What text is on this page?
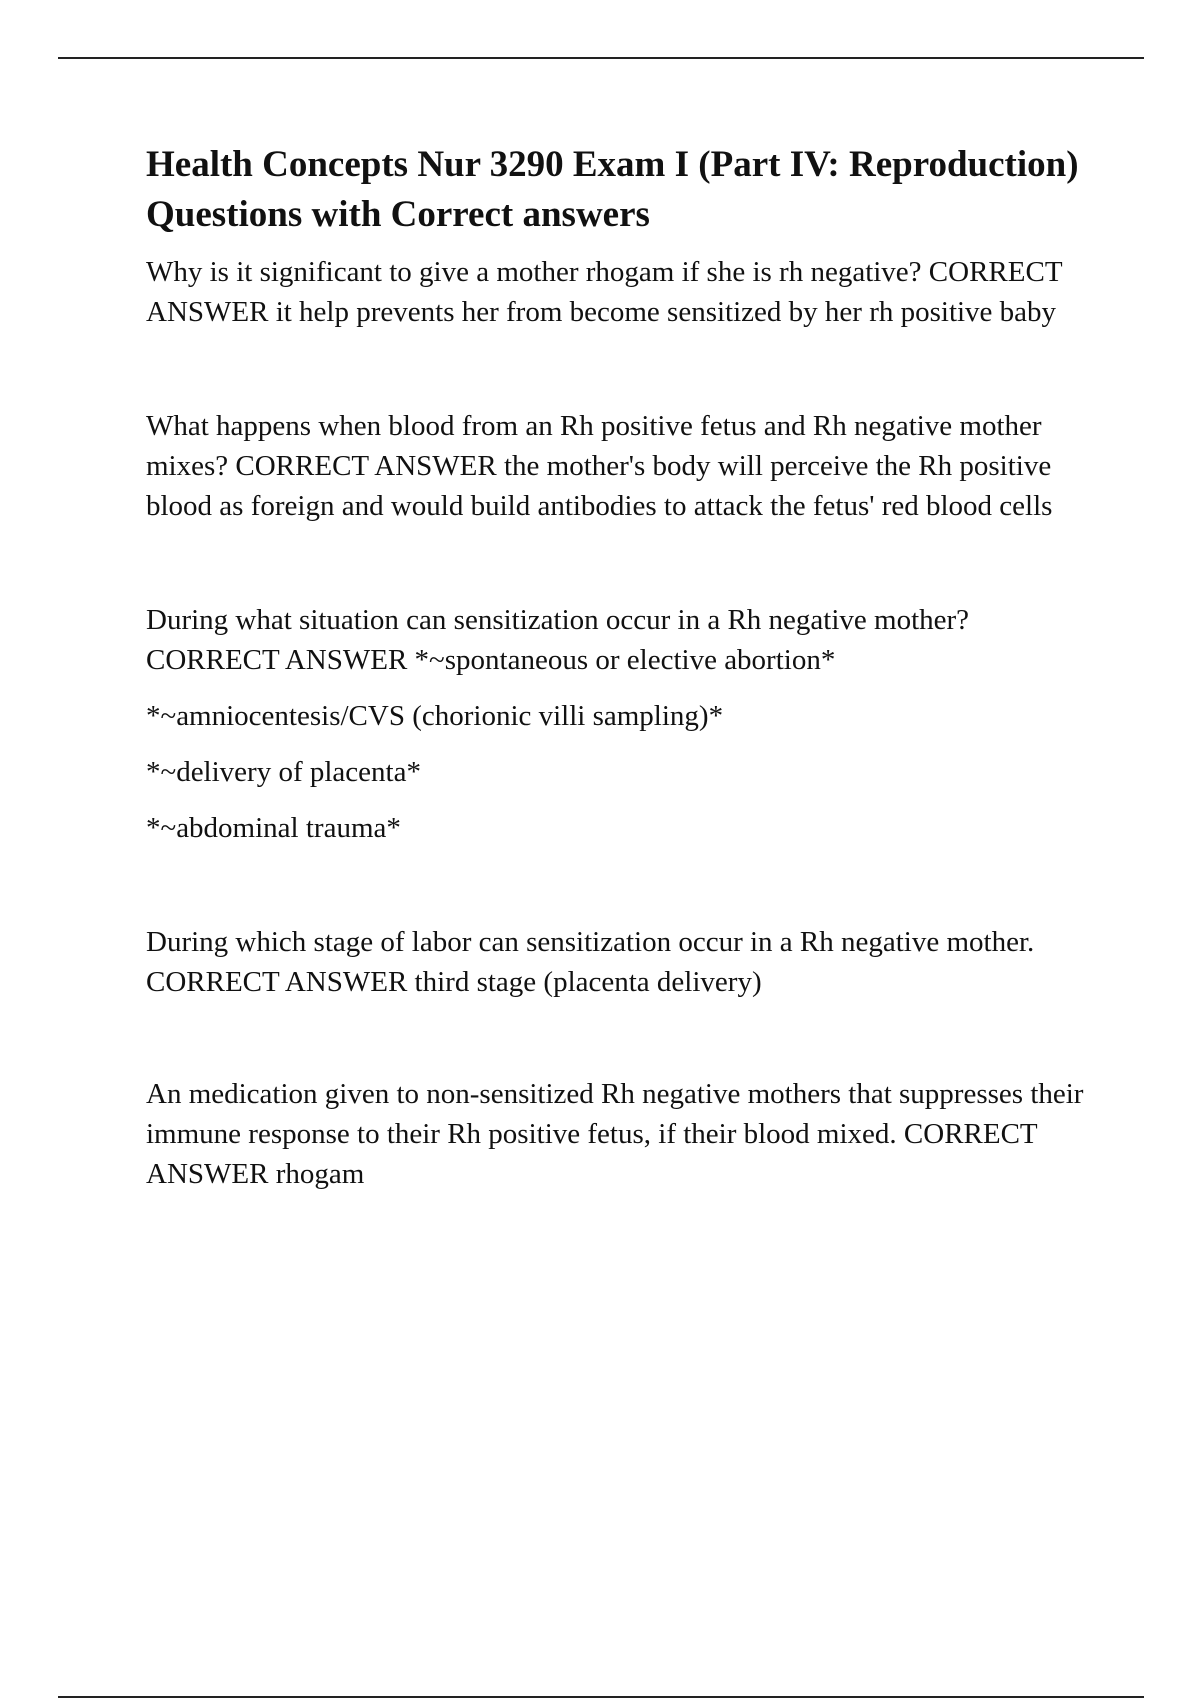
Health Concepts Nur 3290 Exam I (Part IV: Reproduction) Questions with Correct answers

Why is it significant to give a mother rhogam if she is rh negative? CORRECT ANSWER it help prevents her from become sensitized by her rh positive baby

What happens when blood from an Rh positive fetus and Rh negative mother mixes? CORRECT ANSWER the mother's body will perceive the Rh positive blood as foreign and would build antibodies to attack the fetus' red blood cells

During what situation can sensitization occur in a Rh negative mother? CORRECT ANSWER *~spontaneous or elective abortion*

*~amniocentesis/CVS (chorionic villi sampling)*

*~delivery of placenta*

*~abdominal trauma*

During which stage of labor can sensitization occur in a Rh negative mother. CORRECT ANSWER third stage (placenta delivery)

An medication given to non-sensitized Rh negative mothers that suppresses their immune response to their Rh positive fetus, if their blood mixed. CORRECT ANSWER rhogam
